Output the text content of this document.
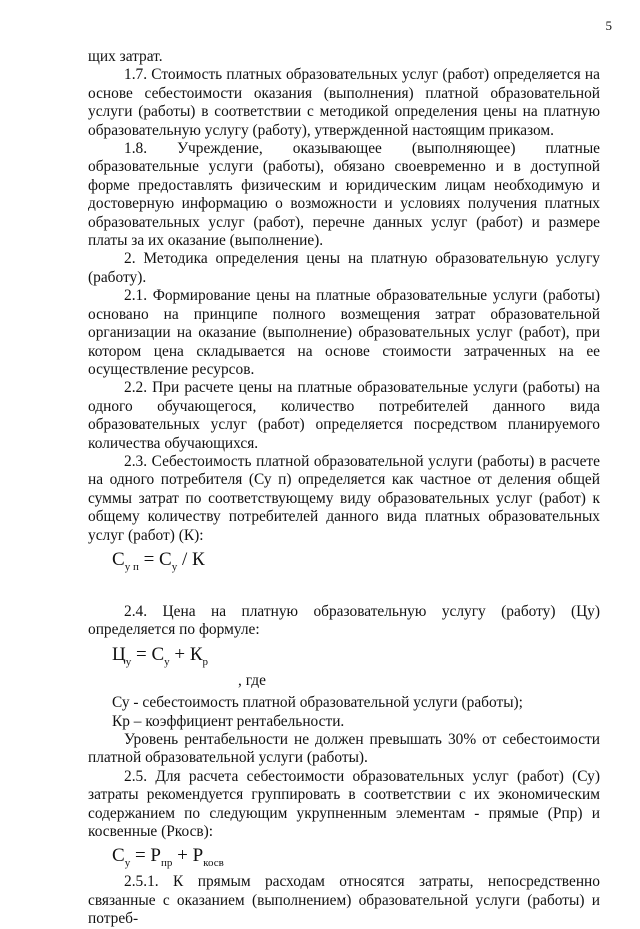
5

щих затрат.

1.7. Стоимость платных образовательных услуг (работ) определяется на основе себестоимости оказания (выполнения) платной образовательной услуги (работы) в соответствии с методикой определения цены на платную образовательную услугу (работу), утвержденной настоящим приказом.

1.8. Учреждение, оказывающее (выполняющее) платные образовательные услуги (работы), обязано своевременно и в доступной форме предоставлять физическим и юридическим лицам необходимую и достоверную информацию о возможности и условиях получения платных образовательных услуг (работ), перечне данных услуг (работ) и размере платы за их оказание (выполнение).

2. Методика определения цены на платную образовательную услугу (работу).

2.1. Формирование цены на платные образовательные услуги (работы) основано на принципе полного возмещения затрат образовательной организации на оказание (выполнение) образовательных услуг (работ), при котором цена складывается на основе стоимости затраченных на ее осуществление ресурсов.

2.2. При расчете цены на платные образовательные услуги (работы) на одного обучающегося, количество потребителей данного вида образовательных услуг (работ) определяется посредством планируемого количества обучающихся.

2.3. Себестоимость платной образовательной услуги (работы) в расчете на одного потребителя (Су п) определяется как частное от деления общей суммы затрат по соответствующему виду образовательных услуг (работ) к общему количеству потребителей данного вида платных образовательных услуг (работ) (К):

$С_{у п} = С_у / К$

2.4. Цена на платную образовательную услугу (работу) (Цу) определяется по формуле:

$Ц_у = С_у + К_р$
, где

Су - себестоимость платной образовательной услуги (работы);

Кр – коэффициент рентабельности.

Уровень рентабельности не должен превышать 30% от себестоимости платной образовательной услуги (работы).

2.5. Для расчета себестоимости образовательных услуг (работ) (Су) затраты рекомендуется группировать в соответствии с их экономическим содержанием по следующим укрупненным элементам - прямые (Рпр) и косвенные (Ркосв):

$С_у = Р_{пр} + Р_{косв}$

2.5.1. К прямым расходам относятся затраты, непосредственно связанные с оказанием (выполнением) образовательной услуги (работы) и потреб-
